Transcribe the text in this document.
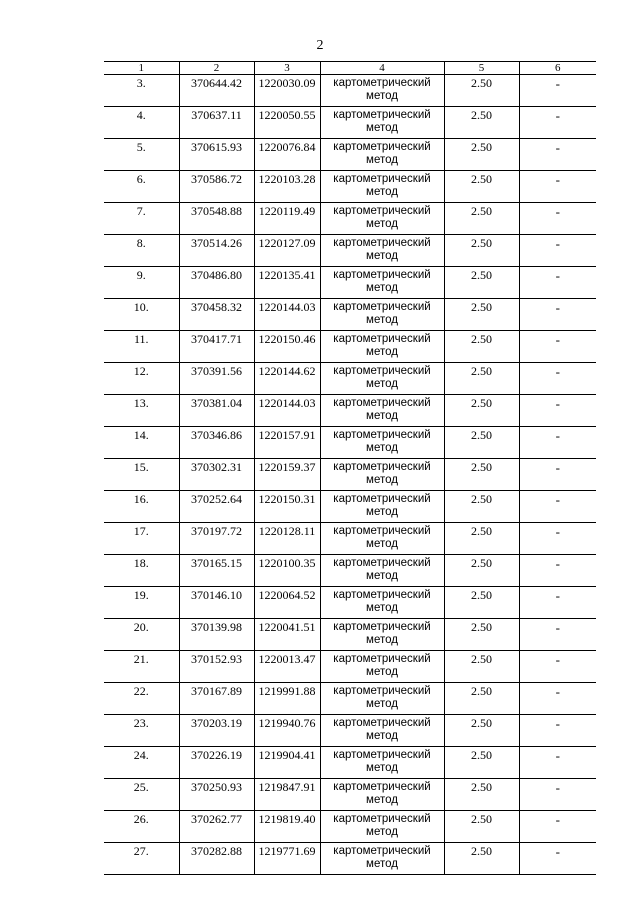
2
1	2	3	4	5	6
3.	370644.42	1220030.09	картометрический
метод	2.50	-
4.	370637.11	1220050.55	картометрический
метод	2.50	-
5.	370615.93	1220076.84	картометрический
метод	2.50	-
6.	370586.72	1220103.28	картометрический
метод	2.50	-
7.	370548.88	1220119.49	картометрический
метод	2.50	-
8.	370514.26	1220127.09	картометрический
метод	2.50	-
9.	370486.80	1220135.41	картометрический
метод	2.50	-
10.	370458.32	1220144.03	картометрический
метод	2.50	-
11.	370417.71	1220150.46	картометрический
метод	2.50	-
12.	370391.56	1220144.62	картометрический
метод	2.50	-
13.	370381.04	1220144.03	картометрический
метод	2.50	-
14.	370346.86	1220157.91	картометрический
метод	2.50	-
15.	370302.31	1220159.37	картометрический
метод	2.50	-
16.	370252.64	1220150.31	картометрический
метод	2.50	-
17.	370197.72	1220128.11	картометрический
метод	2.50	-
18.	370165.15	1220100.35	картометрический
метод	2.50	-
19.	370146.10	1220064.52	картометрический
метод	2.50	-
20.	370139.98	1220041.51	картометрический
метод	2.50	-
21.	370152.93	1220013.47	картометрический
метод	2.50	-
22.	370167.89	1219991.88	картометрический
метод	2.50	-
23.	370203.19	1219940.76	картометрический
метод	2.50	-
24.	370226.19	1219904.41	картометрический
метод	2.50	-
25.	370250.93	1219847.91	картометрический
метод	2.50	-
26.	370262.77	1219819.40	картометрический
метод	2.50	-
27.	370282.88	1219771.69	картометрический
метод	2.50	-
